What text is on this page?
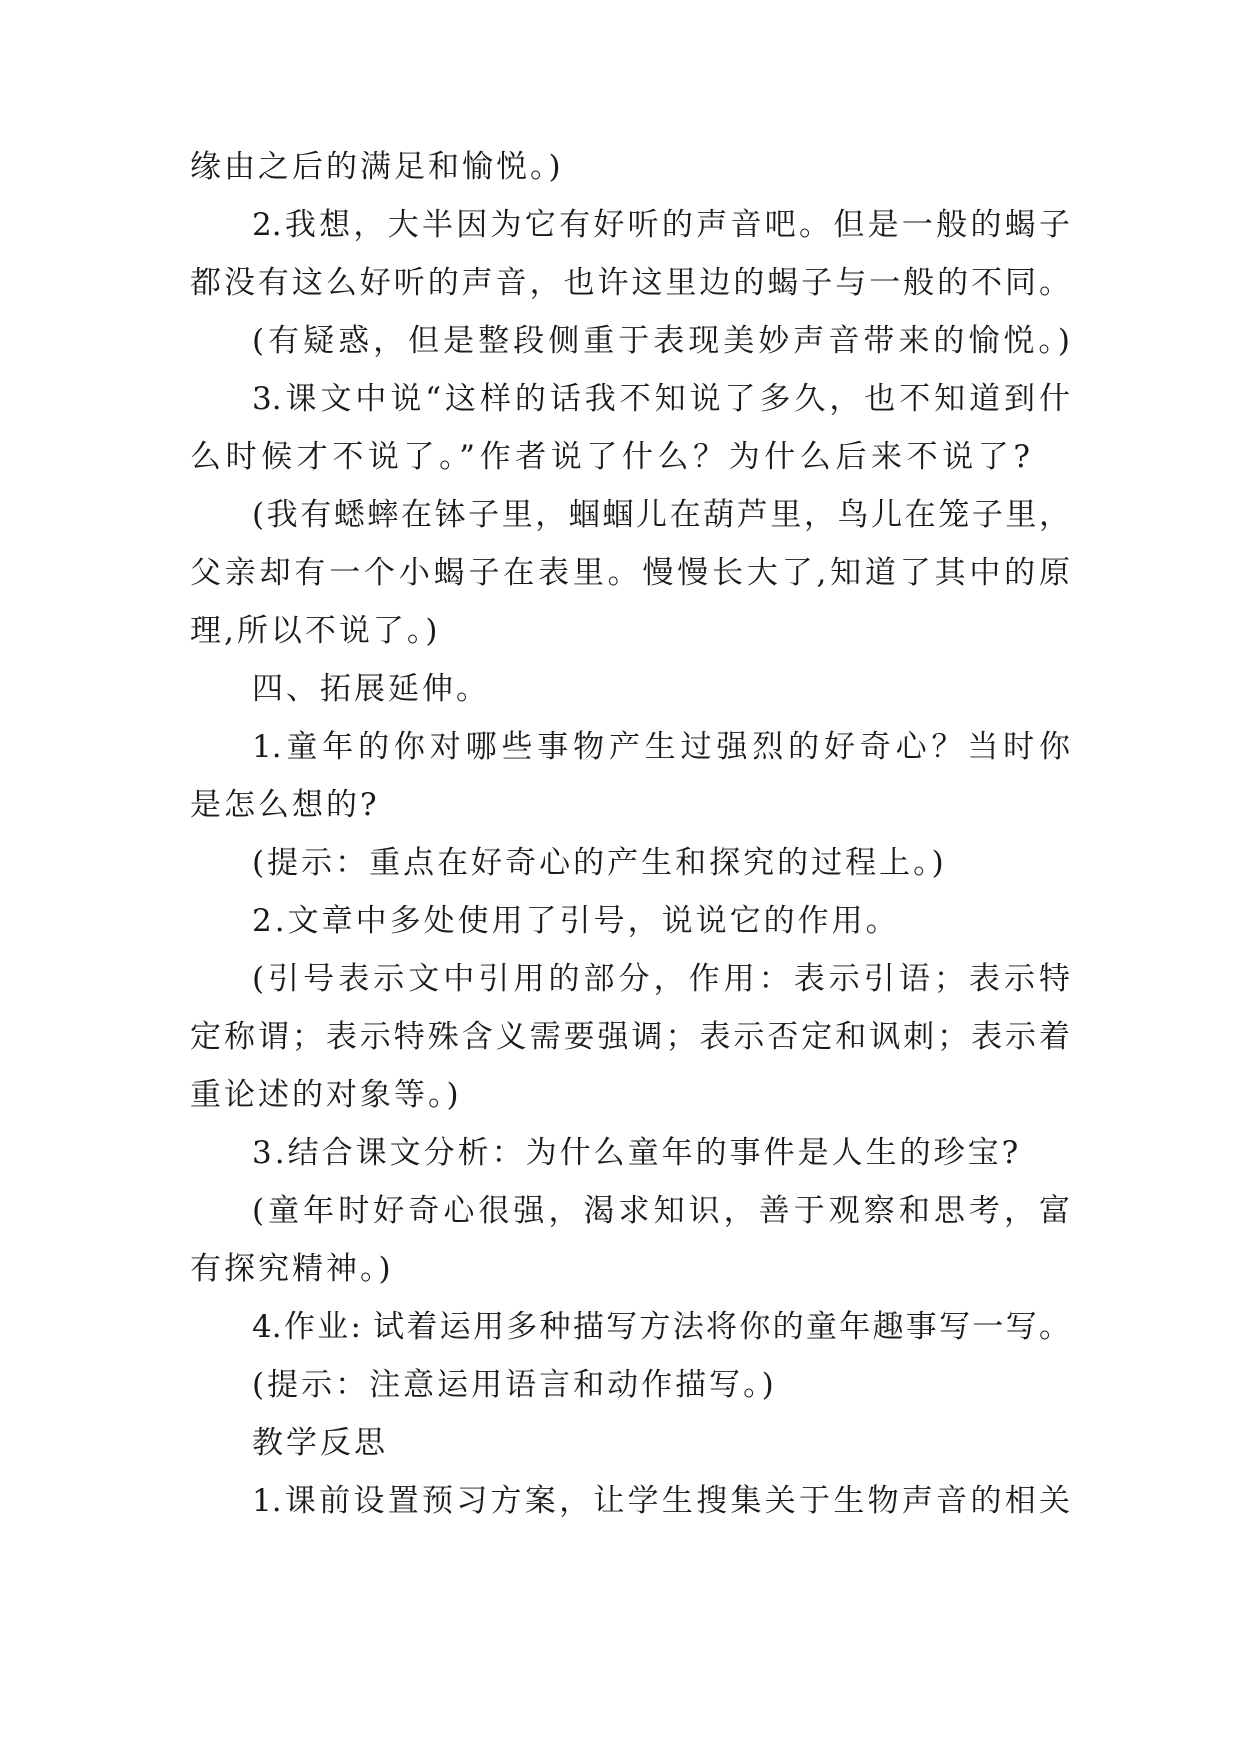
缘由之后的满足和愉悦。)
2.我想，大半因为它有好听的声音吧。但是一般的蝎子
都没有这么好听的声音，也许这里边的蝎子与一般的不同。
(有疑惑，但是整段侧重于表现美妙声音带来的愉悦。)
3.课文中说“这样的话我不知说了多久，也不知道到什
么时候才不说了。”作者说了什么？为什么后来不说了?
(我有蟋蟀在钵子里，蝈蝈儿在葫芦里，鸟儿在笼子里，
父亲却有一个小蝎子在表里。慢慢长大了,知道了其中的原
理,所以不说了。)
四、拓展延伸。
1.童年的你对哪些事物产生过强烈的好奇心？当时你
是怎么想的?
(提示：重点在好奇心的产生和探究的过程上。)
2.文章中多处使用了引号，说说它的作用。
(引号表示文中引用的部分，作用：表示引语；表示特
定称谓；表示特殊含义需要强调；表示否定和讽刺；表示着
重论述的对象等。)
3.结合课文分析：为什么童年的事件是人生的珍宝?
(童年时好奇心很强，渴求知识，善于观察和思考，富
有探究精神。)
4.作业: 试着运用多种描写方法将你的童年趣事写一写。
(提示：注意运用语言和动作描写。)
教学反思
1.课前设置预习方案，让学生搜集关于生物声音的相关
